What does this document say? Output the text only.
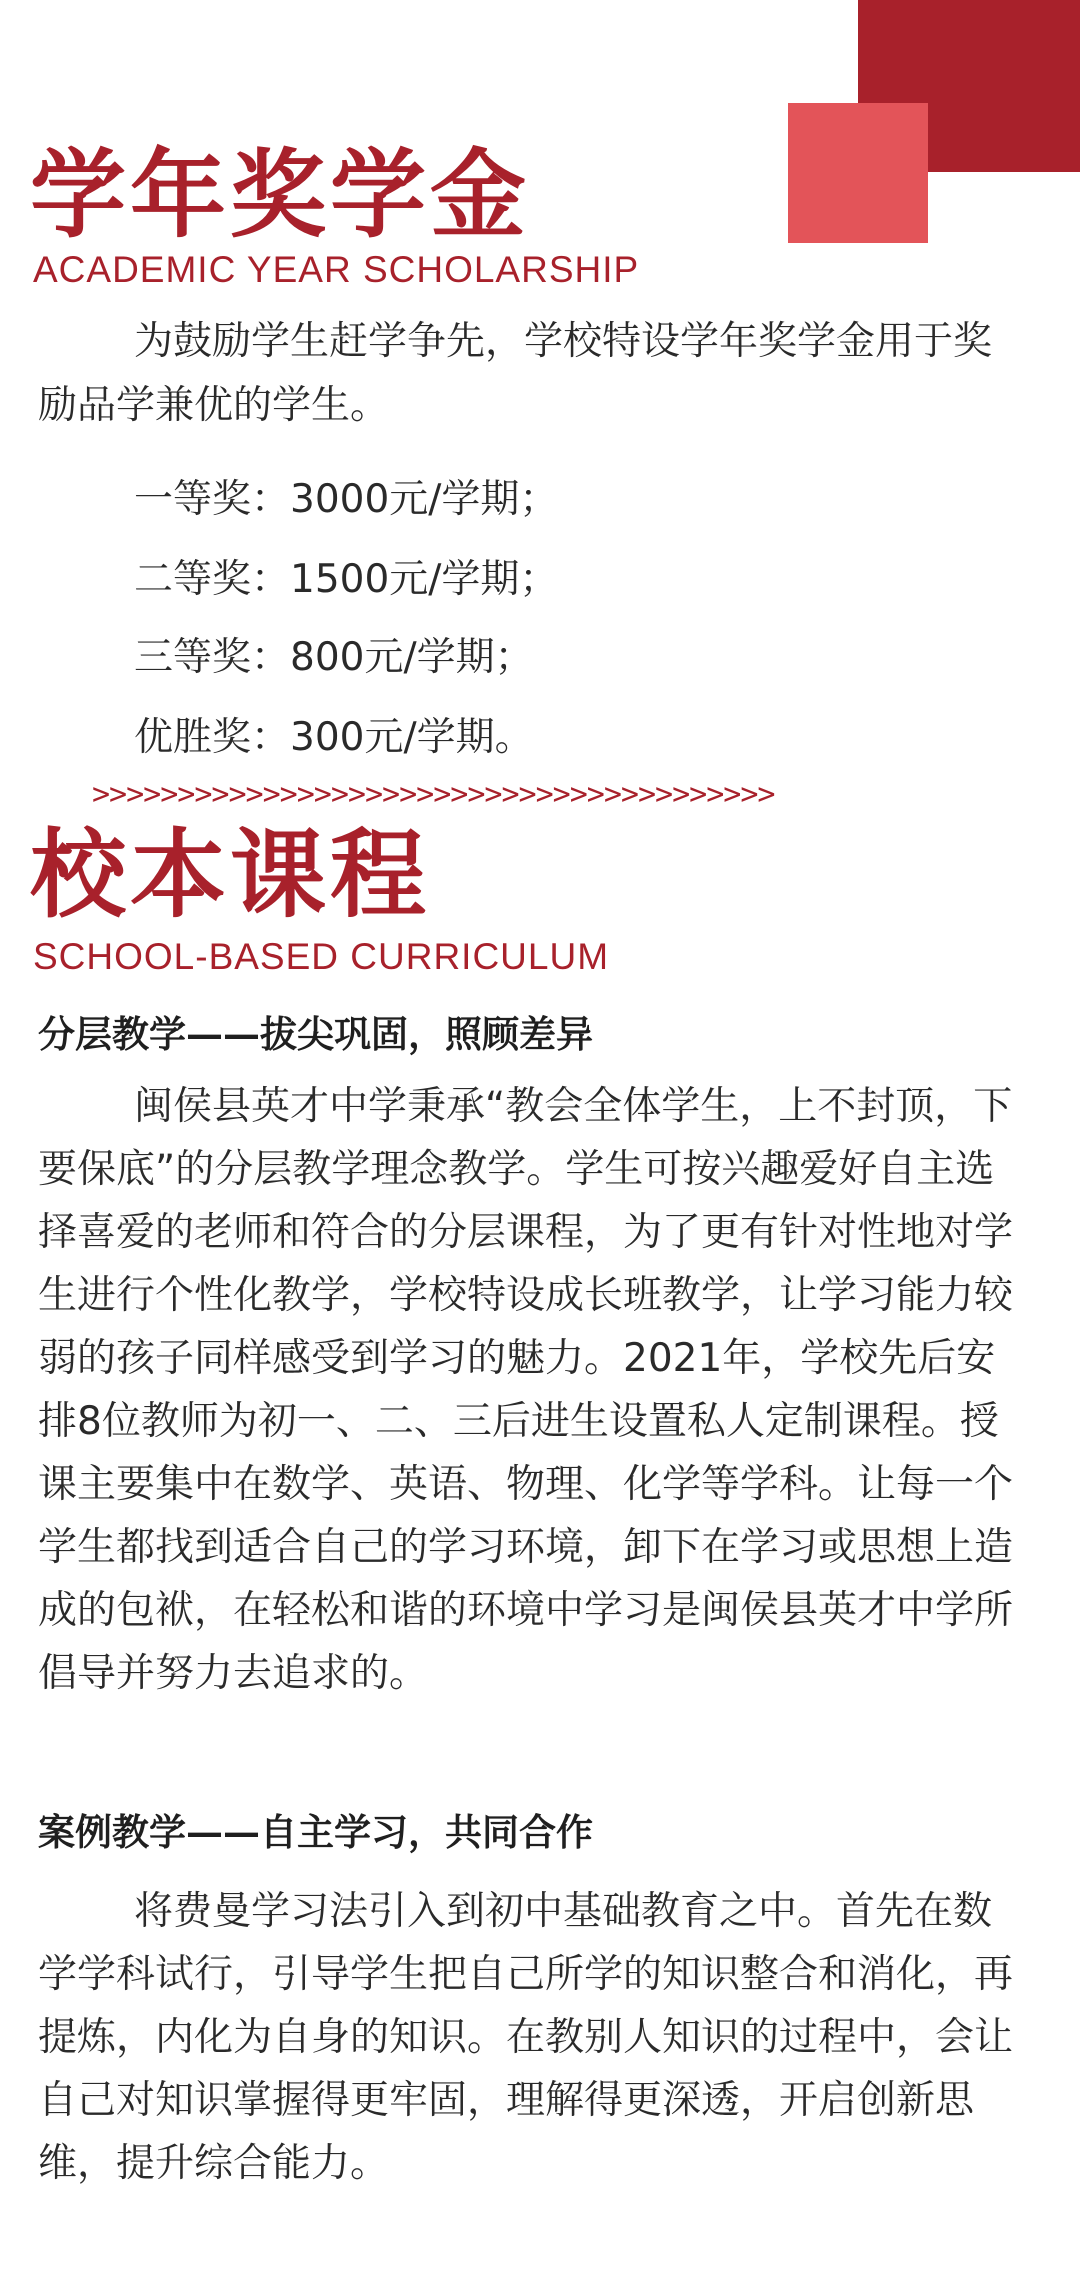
学年奖学金
ACADEMIC YEAR SCHOLARSHIP

为鼓励学生赶学争先，学校特设学年奖学金用于奖励品学兼优的学生。

一等奖：3000元/学期；
二等奖：1500元/学期；
三等奖：800元/学期；
优胜奖：300元/学期。
>>>>>>>>>>>>>>>>>>>>>>>>>>>>>>>>>>>>>>>>
校本课程
SCHOOL-BASED CURRICULUM
分层教学——拔尖巩固，照顾差异

闽侯县英才中学秉承“教会全体学生，上不封顶，下要保底”的分层教学理念教学。学生可按兴趣爱好自主选择喜爱的老师和符合的分层课程，为了更有针对性地对学生进行个性化教学，学校特设成长班教学，让学习能力较弱的孩子同样感受到学习的魅力。2021年，学校先后安排8位教师为初一、二、三后进生设置私人定制课程。授课主要集中在数学、英语、物理、化学等学科。让每一个学生都找到适合自己的学习环境，卸下在学习或思想上造成的包袱，在轻松和谐的环境中学习是闽侯县英才中学所倡导并努力去追求的。

案例教学——自主学习，共同合作

将费曼学习法引入到初中基础教育之中。首先在数学学科试行，引导学生把自己所学的知识整合和消化，再提炼，内化为自身的知识。在教别人知识的过程中，会让自己对知识掌握得更牢固，理解得更深透，开启创新思维，提升综合能力。
